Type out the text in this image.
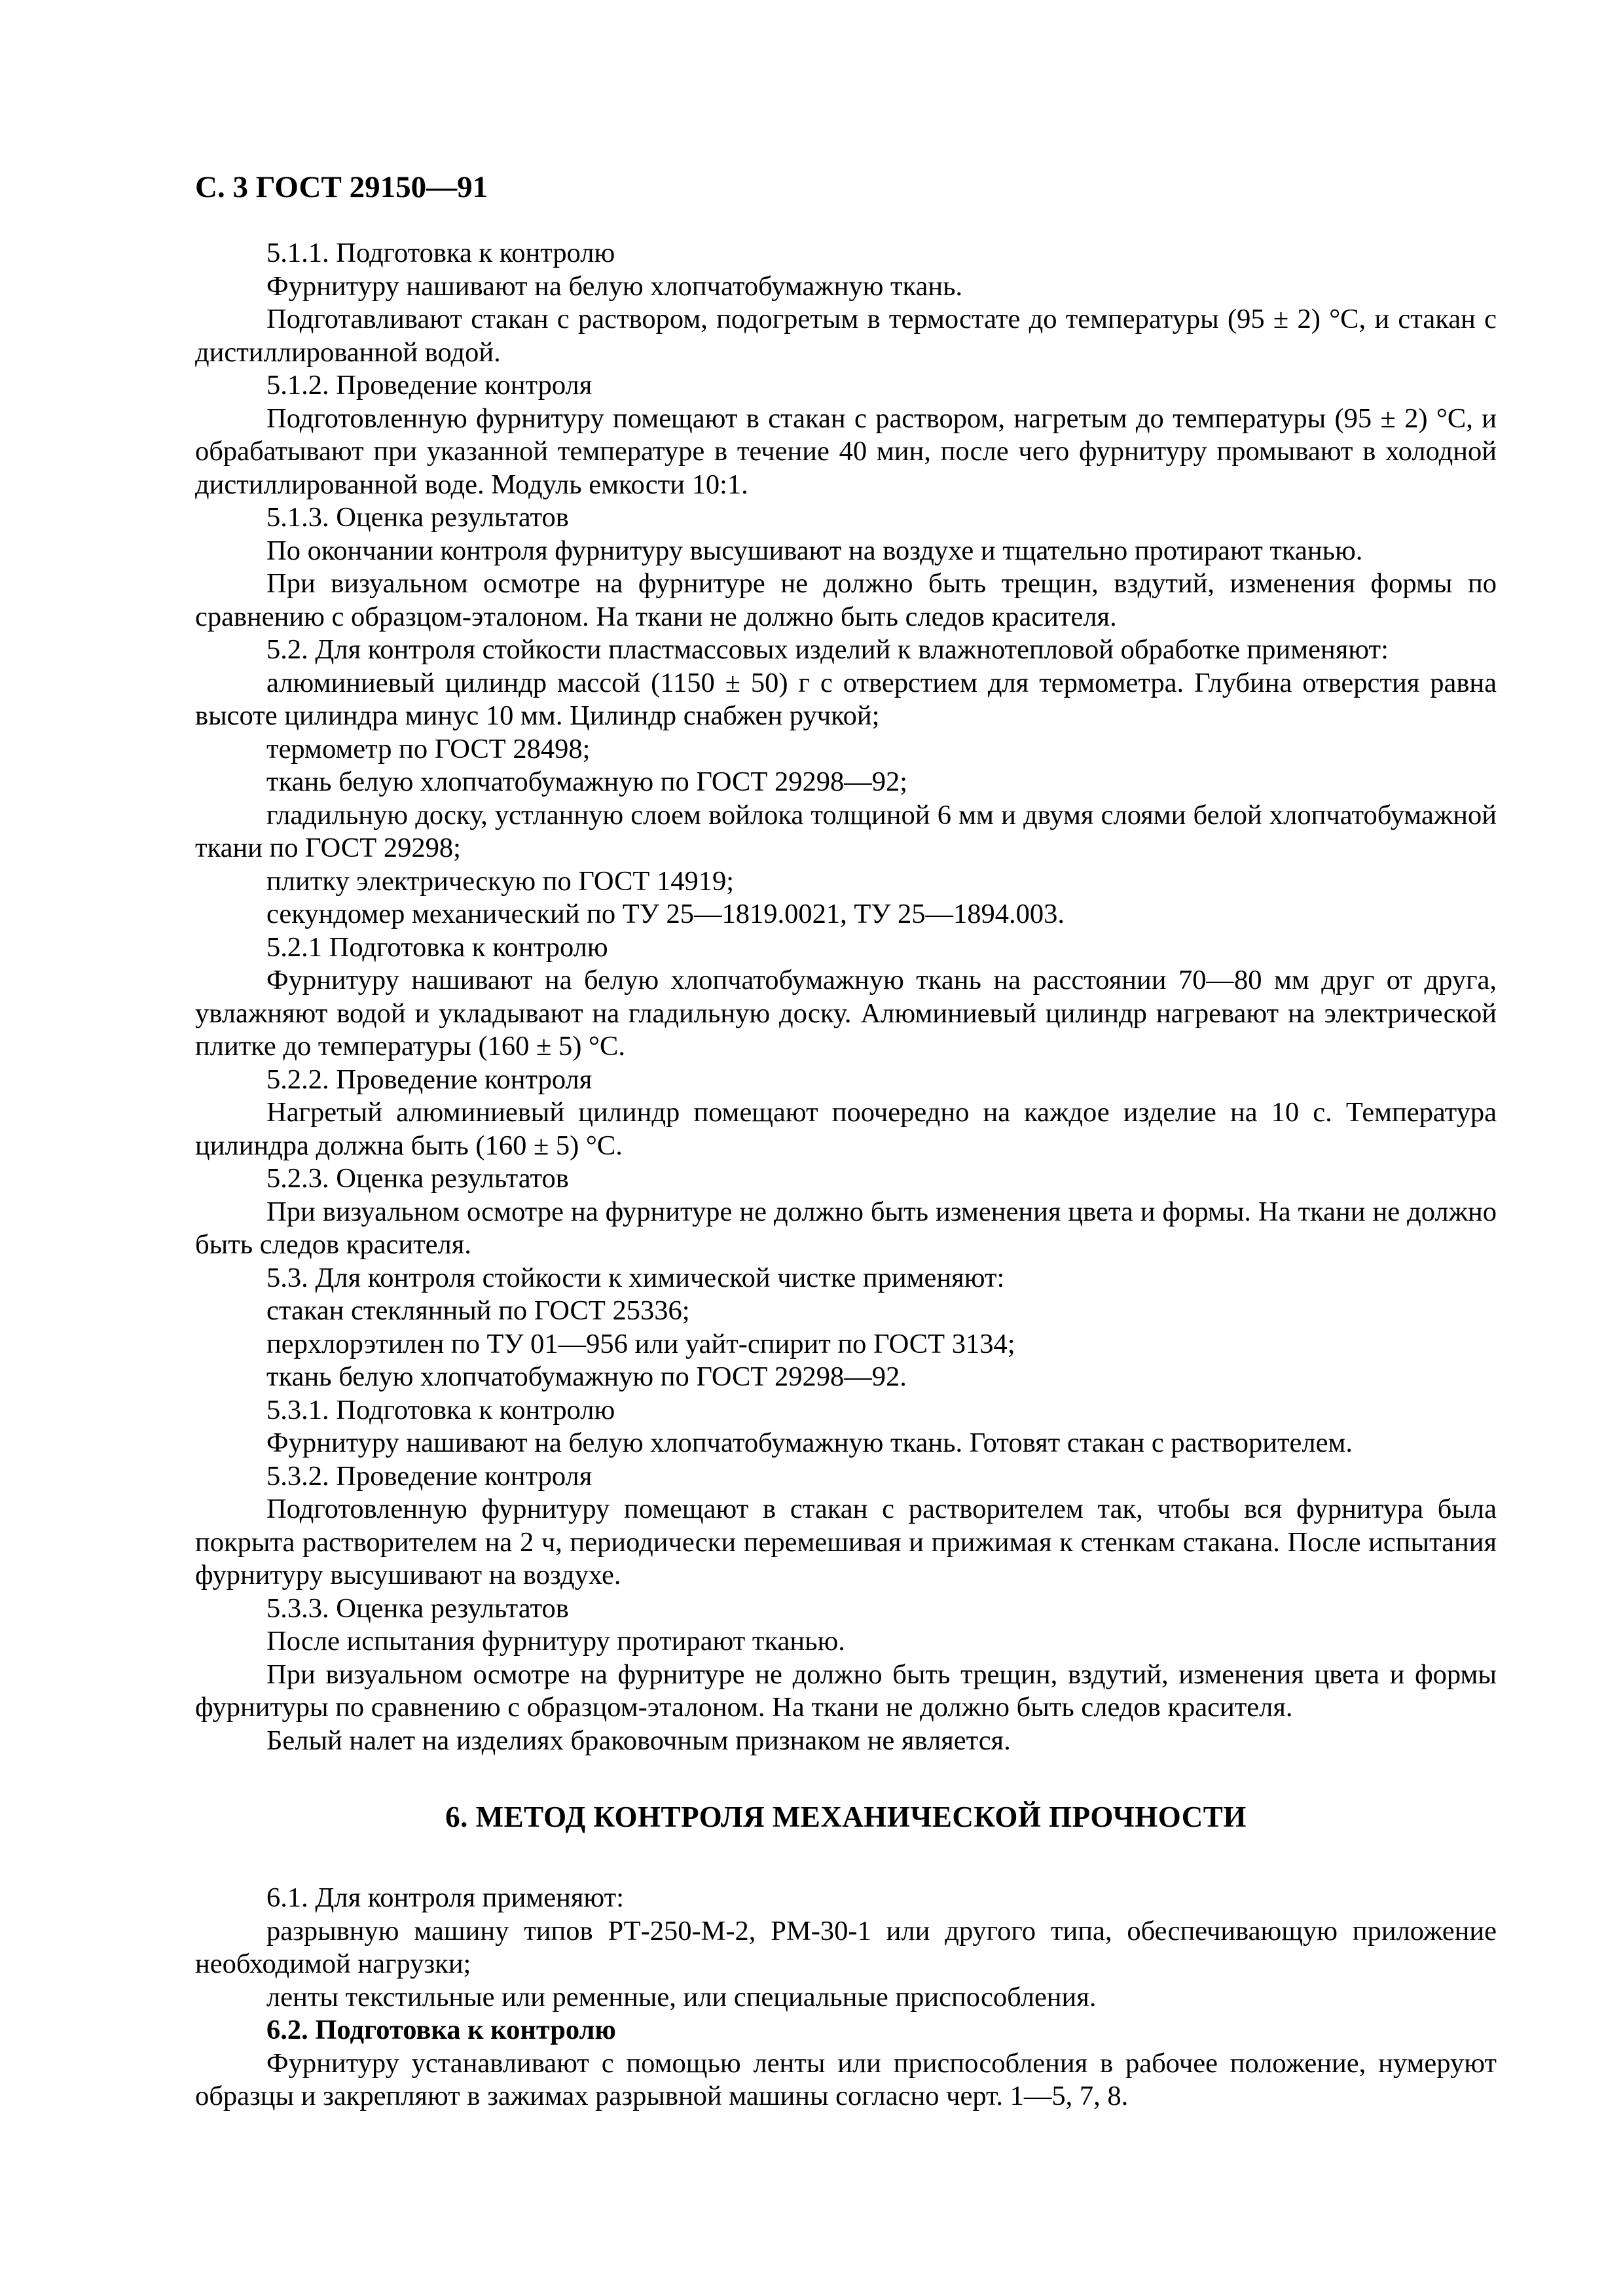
С. 3 ГОСТ 29150—91

5.1.1. Подготовка к контролю

Фурнитуру нашивают на белую хлопчатобумажную ткань.

Подготавливают стакан с раствором, подогретым в термостате до температуры (95 ± 2) °С, и стакан с дистиллированной водой.

5.1.2. Проведение контроля

Подготовленную фурнитуру помещают в стакан с раствором, нагретым до температуры (95 ± 2) °С, и обрабатывают при указанной температуре в течение 40 мин, после чего фурнитуру промывают в холодной дистиллированной воде. Модуль емкости 10:1.

5.1.3. Оценка результатов

По окончании контроля фурнитуру высушивают на воздухе и тщательно протирают тканью.

При визуальном осмотре на фурнитуре не должно быть трещин, вздутий, изменения формы по сравнению с образцом-эталоном. На ткани не должно быть следов красителя.

5.2. Для контроля стойкости пластмассовых изделий к влажнотепловой обработке применяют:

алюминиевый цилиндр массой (1150 ± 50) г с отверстием для термометра. Глубина отверстия равна высоте цилиндра минус 10 мм. Цилиндр снабжен ручкой;

термометр по ГОСТ 28498;

ткань белую хлопчатобумажную по ГОСТ 29298—92;

гладильную доску, устланную слоем войлока толщиной 6 мм и двумя слоями белой хлопчатобумажной ткани по ГОСТ 29298;

плитку электрическую по ГОСТ 14919;

секундомер механический по ТУ 25—1819.0021, ТУ 25—1894.003.

5.2.1 Подготовка к контролю

Фурнитуру нашивают на белую хлопчатобумажную ткань на расстоянии 70—80 мм друг от друга, увлажняют водой и укладывают на гладильную доску. Алюминиевый цилиндр нагревают на электрической плитке до температуры (160 ± 5) °С.

5.2.2. Проведение контроля

Нагретый алюминиевый цилиндр помещают поочередно на каждое изделие на 10 с. Температура цилиндра должна быть (160 ± 5) °С.

5.2.3. Оценка результатов

При визуальном осмотре на фурнитуре не должно быть изменения цвета и формы. На ткани не должно быть следов красителя.

5.3. Для контроля стойкости к химической чистке применяют:

стакан стеклянный по ГОСТ 25336;

перхлорэтилен по ТУ 01—956 или уайт-спирит по ГОСТ 3134;

ткань белую хлопчатобумажную по ГОСТ 29298—92.

5.3.1. Подготовка к контролю

Фурнитуру нашивают на белую хлопчатобумажную ткань. Готовят стакан с растворителем.

5.3.2. Проведение контроля

Подготовленную фурнитуру помещают в стакан с растворителем так, чтобы вся фурнитура была покрыта растворителем на 2 ч, периодически перемешивая и прижимая к стенкам стакана. После испытания фурнитуру высушивают на воздухе.

5.3.3. Оценка результатов

После испытания фурнитуру протирают тканью.

При визуальном осмотре на фурнитуре не должно быть трещин, вздутий, изменения цвета и формы фурнитуры по сравнению с образцом-эталоном. На ткани не должно быть следов красителя.

Белый налет на изделиях браковочным признаком не является.

6. МЕТОД КОНТРОЛЯ МЕХАНИЧЕСКОЙ ПРОЧНОСТИ

6.1. Для контроля применяют:

разрывную машину типов РТ-250-М-2, РМ-30-1 или другого типа, обеспечивающую приложение необходимой нагрузки;

ленты текстильные или ременные, или специальные приспособления.

6.2. Подготовка к контролю

Фурнитуру устанавливают с помощью ленты или приспособления в рабочее положение, нумеруют образцы и закрепляют в зажимах разрывной машины согласно черт. 1—5, 7, 8.
